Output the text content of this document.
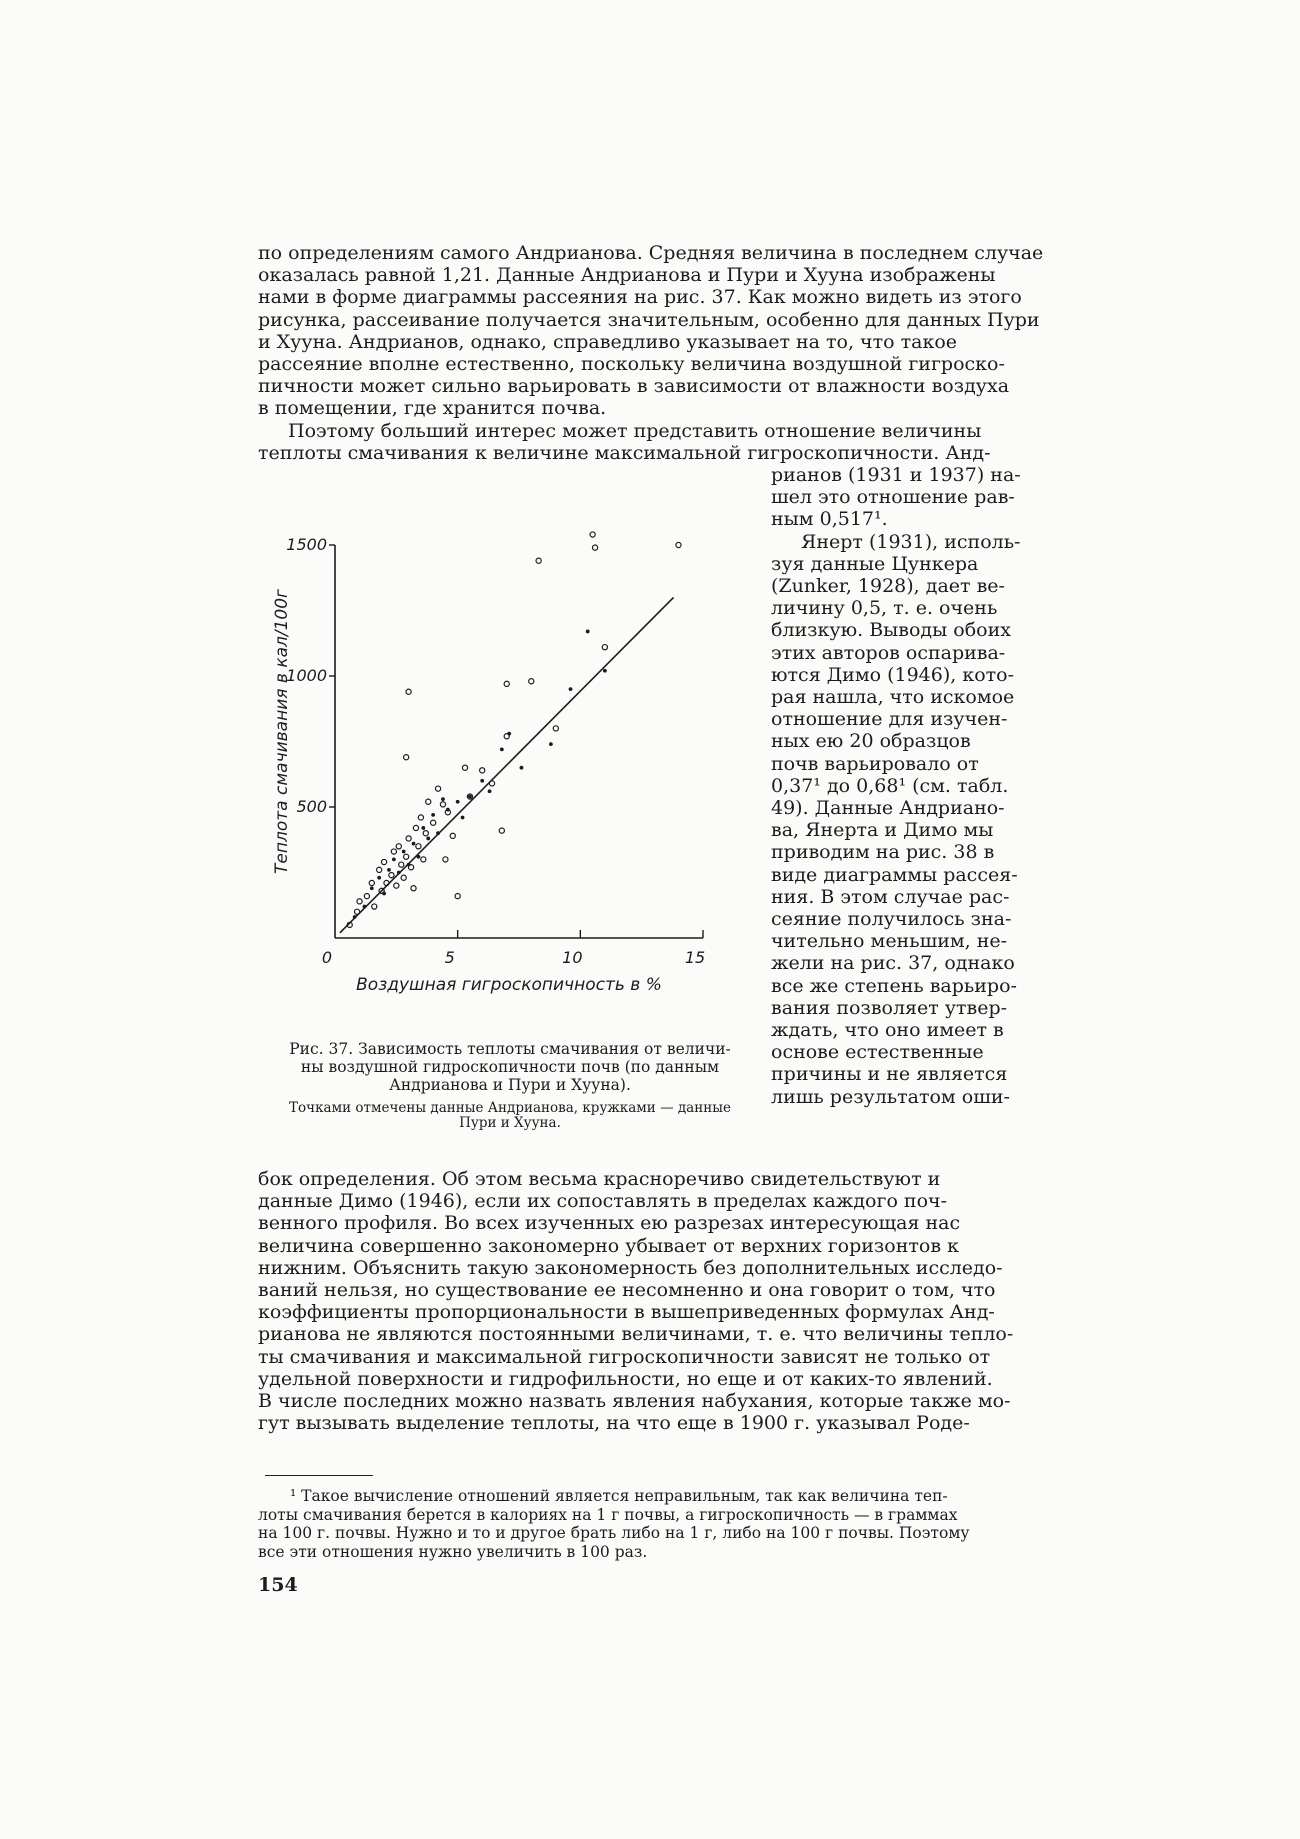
по определениям самого Андрианова. Средняя величина в последнем случае
оказалась равной 1,21. Данные Андрианова и Пури и Хууна изображены
нами в форме диаграммы рассеяния на рис. 37. Как можно видеть из этого
рисунка, рассеивание получается значительным, особенно для данных Пури
и Хууна. Андрианов, однако, справедливо указывает на то, что такое
рассеяние вполне естественно, поскольку величина воздушной гигроско-
пичности может сильно варьировать в зависимости от влажности воздуха
в помещении, где хранится почва.

Поэтому больший интерес может представить отношение величины
теплоты смачивания к величине максимальной гигроскопичности. Анд-

рианов (1931 и 1937) на-
шел это отношение рав-
ным 0,517¹.
Янерт (1931), исполь-
зуя данные Цункера
(Zunker, 1928), дает ве-
личину 0,5, т. е. очень
близкую. Выводы обоих
этих авторов оспарива-
ются Димо (1946), кото-
рая нашла, что искомое
отношение для изучен-
ных ею 20 образцов
почв варьировало от
0,37¹ до 0,68¹ (см. табл.
49). Данные Андриано-
ва, Янерта и Димо мы
приводим на рис. 38 в
виде диаграммы рассея-
ния. В этом случае рас-
сеяние получилось зна-
чительно меньшим, не-
жели на рис. 37, однако
все же степень варьиро-
вания позволяет утвер-
ждать, что оно имеет в
основе естественные
причины и не является
лишь результатом оши-
500
1000
1500
0	5	10	15
Воздушная гигроскопичность в %
Теплота смачивания в кал/100г
Рис. 37. Зависимость теплоты смачивания от величи-
ны воздушной гидроскопичности почв (по данным
Андрианова и Пури и Хууна).
Точками отмечены данные Андрианова, кружками — данные
Пури и Хууна.

бок определения. Об этом весьма красноречиво свидетельствуют и
данные Димо (1946), если их сопоставлять в пределах каждого поч-
венного профиля. Во всех изученных ею разрезах интересующая нас
величина совершенно закономерно убывает от верхних горизонтов к
нижним. Объяснить такую закономерность без дополнительных исследо-
ваний нельзя, но существование ее несомненно и она говорит о том, что
коэффициенты пропорциональности в вышеприведенных формулах Анд-
рианова не являются постоянными величинами, т. е. что величины тепло-
ты смачивания и максимальной гигроскопичности зависят не только от
удельной поверхности и гидрофильности, но еще и от каких-то явлений.
В числе последних можно назвать явления набухания, которые также мо-
гут вызывать выделение теплоты, на что еще в 1900 г. указывал Роде-

¹ Такое вычисление отношений является неправильным, так как величина теп-
лоты смачивания берется в калориях на 1 г почвы, а гигроскопичность — в граммах
на 100 г. почвы. Нужно и то и другое брать либо на 1 г, либо на 100 г почвы. Поэтому
все эти отношения нужно увеличить в 100 раз.
154
